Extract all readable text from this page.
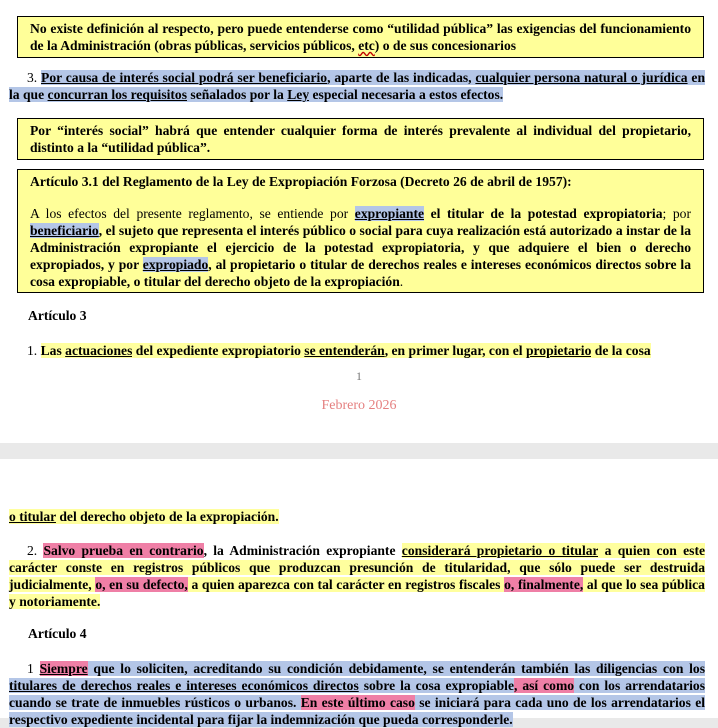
No existe definición al respecto, pero puede entenderse como “utilidad pública” las exigencias del funcionamiento de la Administración (obras públicas, servicios públicos, etc) o de sus concesionarios
3. Por causa de interés social podrá ser beneficiario, aparte de las indicadas, cualquier persona natural o jurídica en la que concurran los requisitos señalados por la Ley especial necesaria a estos efectos.
Por “interés social” habrá que entender cualquier forma de interés prevalente al individual del propietario, distinto a la “utilidad pública”.
Artículo 3.1 del Reglamento de la Ley de Expropiación Forzosa (Decreto 26 de abril de 1957):
A los efectos del presente reglamento, se entiende por expropiante el titular de la potestad expropiatoria; por beneficiario, el sujeto que representa el interés público o social para cuya realización está autorizado a instar de la Administración expropiante el ejercicio de la potestad expropiatoria, y que adquiere el bien o derecho expropiados, y por expropiado, al propietario o titular de derechos reales e intereses económicos directos sobre la cosa expropiable, o titular del derecho objeto de la expropiación.
Artículo 3
1. Las actuaciones del expediente expropiatorio se entenderán, en primer lugar, con el propietario de la cosa
1
Febrero 2026
o titular del derecho objeto de la expropiación.
2. Salvo prueba en contrario, la Administración expropiante considerará propietario o titular a quien con este carácter conste en registros públicos que produzcan presunción de titularidad, que sólo puede ser destruida judicialmente, o, en su defecto, a quien aparezca con tal carácter en registros fiscales o, finalmente, al que lo sea pública y notoriamente.
Artículo 4
1 Siempre que lo soliciten, acreditando su condición debidamente, se entenderán también las diligencias con los titulares de derechos reales e intereses económicos directos sobre la cosa expropiable, así como con los arrendatarios cuando se trate de inmuebles rústicos o urbanos. En este último caso se iniciará para cada uno de los arrendatarios el respectivo expediente incidental para fijar la indemnización que pueda corresponderle.
